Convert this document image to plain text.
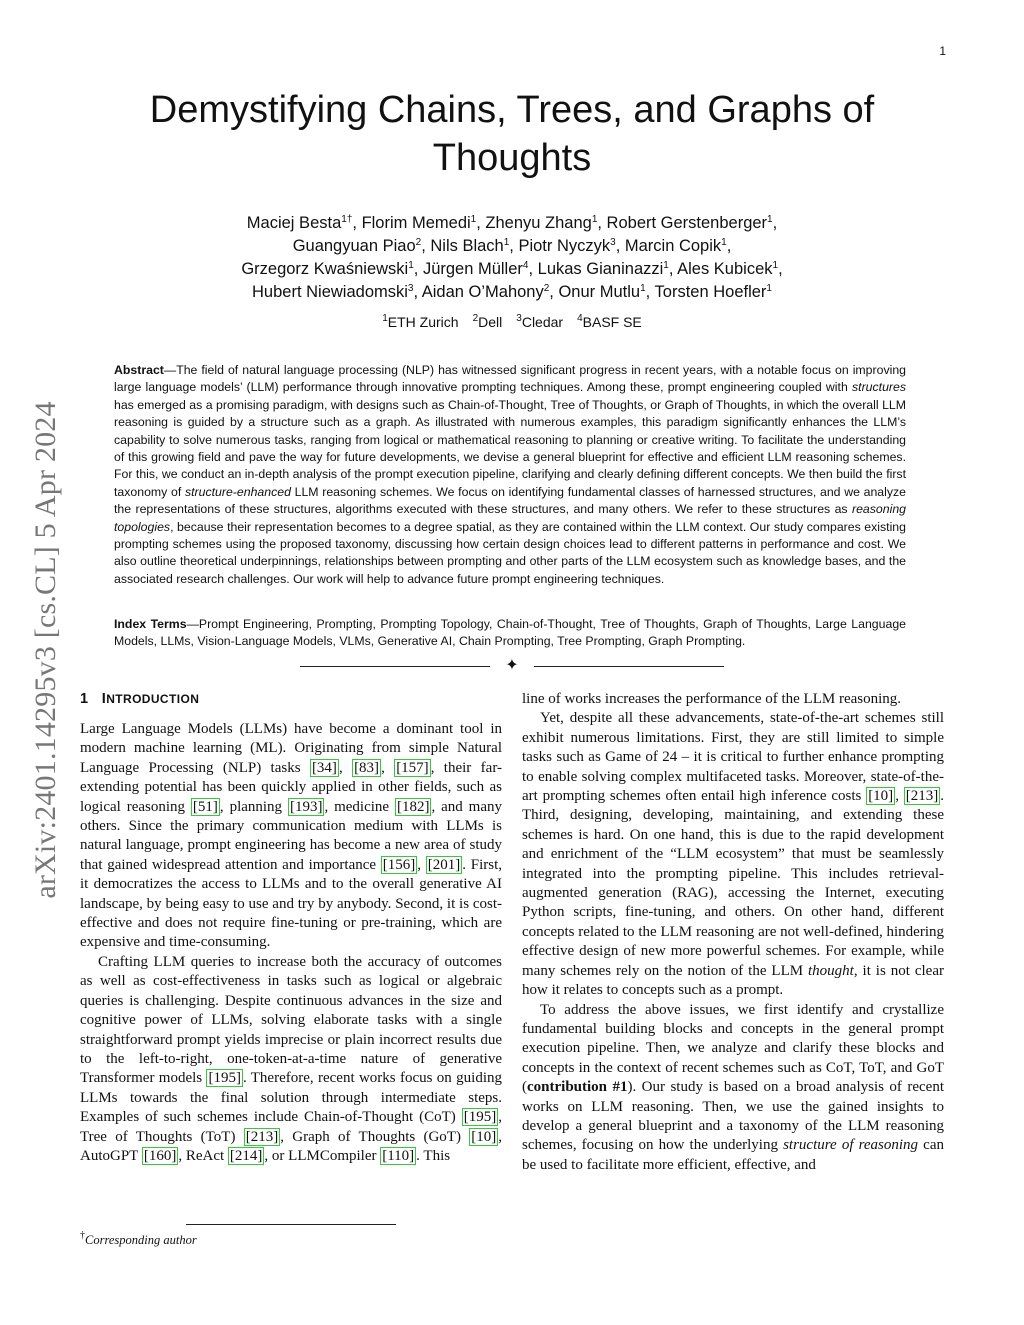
1
arXiv:2401.14295v3 [cs.CL] 5 Apr 2024
Demystifying Chains, Trees, and Graphs of Thoughts
Maciej Besta$^{1\dagger}$, Florim Memedi$^1$, Zhenyu Zhang$^1$, Robert Gerstenberger$^1$,
Guangyuan Piao$^2$, Nils Blach$^1$, Piotr Nyczyk$^3$, Marcin Copik$^1$,
Grzegorz Kwaśniewski$^1$, Jürgen Müller$^4$, Lukas Gianinazzi$^1$, Ales Kubicek$^1$,
Hubert Niewiadomski$^3$, Aidan O’Mahony$^2$, Onur Mutlu$^1$, Torsten Hoefler$^1$
$^1$ETH Zurich $^2$Dell $^3$Cledar $^4$BASF SE

Abstract—The field of natural language processing (NLP) has witnessed significant progress in recent years, with a notable focus on improving large language models’ (LLM) performance through innovative prompting techniques. Among these, prompt engineering coupled with structures has emerged as a promising paradigm, with designs such as Chain-of-Thought, Tree of Thoughts, or Graph of Thoughts, in which the overall LLM reasoning is guided by a structure such as a graph. As illustrated with numerous examples, this paradigm significantly enhances the LLM’s capability to solve numerous tasks, ranging from logical or mathematical reasoning to planning or creative writing. To facilitate the understanding of this growing field and pave the way for future developments, we devise a general blueprint for effective and efficient LLM reasoning schemes. For this, we conduct an in-depth analysis of the prompt execution pipeline, clarifying and clearly defining different concepts. We then build the first taxonomy of structure-enhanced LLM reasoning schemes. We focus on identifying fundamental classes of harnessed structures, and we analyze the representations of these structures, algorithms executed with these structures, and many others. We refer to these structures as reasoning topologies, because their representation becomes to a degree spatial, as they are contained within the LLM context. Our study compares existing prompting schemes using the proposed taxonomy, discussing how certain design choices lead to different patterns in performance and cost. We also outline theoretical underpinnings, relationships between prompting and other parts of the LLM ecosystem such as knowledge bases, and the associated research challenges. Our work will help to advance future prompt engineering techniques.

Index Terms—Prompt Engineering, Prompting, Prompting Topology, Chain-of-Thought, Tree of Thoughts, Graph of Thoughts, Large Language Models, LLMs, Vision-Language Models, VLMs, Generative AI, Chain Prompting, Tree Prompting, Graph Prompting.

✦
1 INTRODUCTION

Large Language Models (LLMs) have become a dominant tool in modern machine learning (ML). Originating from simple Natural Language Processing (NLP) tasks [34] , [83] , [157] , their far-extending potential has been quickly applied in other fields, such as logical reasoning [51] , planning [193] , medicine [182] , and many others. Since the primary communication medium with LLMs is natural language, prompt engineering has become a new area of study that gained widespread attention and importance [156] , [201] . First, it democratizes the access to LLMs and to the overall generative AI landscape, by being easy to use and try by anybody. Second, it is cost-effective and does not require fine-tuning or pre-training, which are expensive and time-consuming.

Crafting LLM queries to increase both the accuracy of outcomes as well as cost-effectiveness in tasks such as logical or algebraic queries is challenging. Despite continuous advances in the size and cognitive power of LLMs, solving elaborate tasks with a single straightforward prompt yields imprecise or plain incorrect results due to the left-to-right, one-token-at-a-time nature of generative Transformer models [195] . Therefore, recent works focus on guiding LLMs towards the final solution through intermediate steps. Examples of such schemes include Chain-of-Thought (CoT) [195] , Tree of Thoughts (ToT) [213] , Graph of Thoughts (GoT) [10] , AutoGPT [160] , ReAct [214] , or LLMCompiler [110] . This

line of works increases the performance of the LLM reasoning.

Yet, despite all these advancements, state-of-the-art schemes still exhibit numerous limitations. First, they are still limited to simple tasks such as Game of 24 – it is critical to further enhance prompting to enable solving complex multifaceted tasks. Moreover, state-of-the-art prompting schemes often entail high inference costs [10] , [213] . Third, designing, developing, maintaining, and extending these schemes is hard. On one hand, this is due to the rapid development and enrichment of the “LLM ecosystem” that must be seamlessly integrated into the prompting pipeline. This includes retrieval-augmented generation (RAG), accessing the Internet, executing Python scripts, fine-tuning, and others. On other hand, different concepts related to the LLM reasoning are not well-defined, hindering effective design of new more powerful schemes. For example, while many schemes rely on the notion of the LLM thought, it is not clear how it relates to concepts such as a prompt.

To address the above issues, we first identify and crystallize fundamental building blocks and concepts in the general prompt execution pipeline. Then, we analyze and clarify these blocks and concepts in the context of recent schemes such as CoT, ToT, and GoT (contribution #1). Our study is based on a broad analysis of recent works on LLM reasoning. Then, we use the gained insights to develop a general blueprint and a taxonomy of the LLM reasoning schemes, focusing on how the underlying structure of reasoning can be used to facilitate more efficient, effective, and

†Corresponding author
